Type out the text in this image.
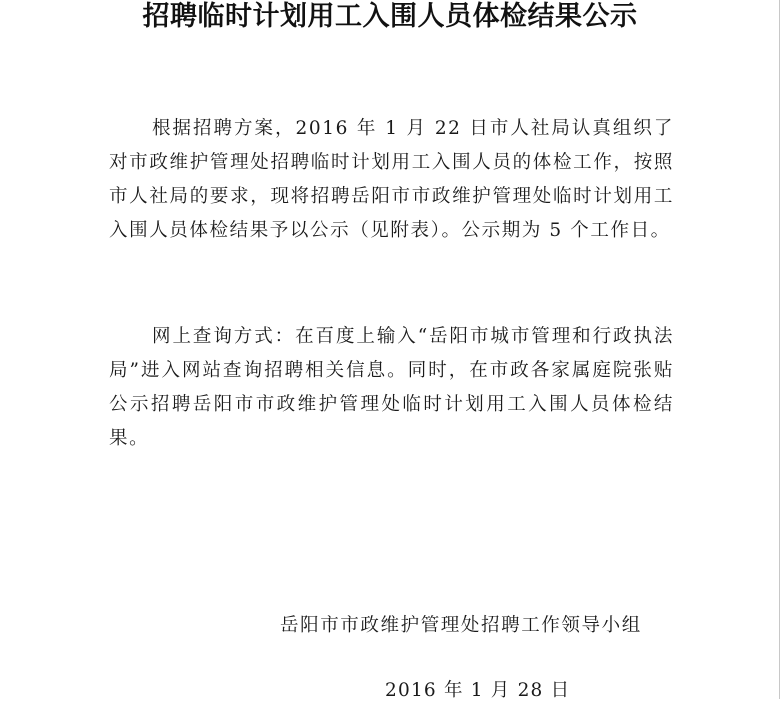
招聘临时计划用工入围人员体检结果公示

根据招聘方案，2016 年 1 月 22 日市人社局认真组织了对市政维护管理处招聘临时计划用工入围人员的体检工作，按照市人社局的要求，现将招聘岳阳市市政维护管理处临时计划用工入围人员体检结果予以公示（见附表）。公示期为 5 个工作日。

网上查询方式：在百度上输入“岳阳市城市管理和行政执法局”进入网站查询招聘相关信息。同时，在市政各家属庭院张贴公示招聘岳阳市市政维护管理处临时计划用工入围人员体检结果。

岳阳市市政维护管理处招聘工作领导小组
2016 年 1 月 28 日
